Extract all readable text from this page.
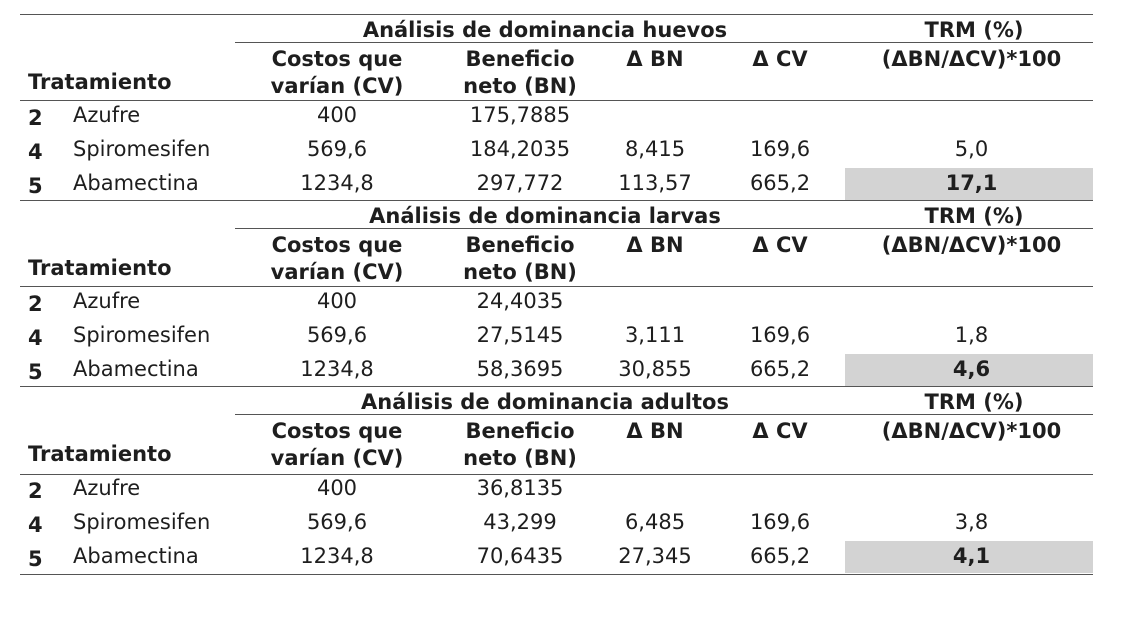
Análisis de dominancia huevos	TRM (%)
Tratamiento
Costos que
varían (CV)
Beneficio
neto (BN)
Δ BN	Δ CV	(ΔBN/ΔCV)*100
2 Azufre	400	175,7885
4 Spiromesifen	569,6	184,2035	8,415	169,6	5,0
5 Abamectina	1234,8	297,772	113,57	665,2	17,1
Análisis de dominancia larvas	TRM (%)
Tratamiento
Costos que
varían (CV)
Beneficio
neto (BN)
Δ BN	Δ CV	(ΔBN/ΔCV)*100
2 Azufre	400	24,4035
4 Spiromesifen	569,6	27,5145	3,111	169,6	1,8
5 Abamectina	1234,8	58,3695	30,855	665,2	4,6
Análisis de dominancia adultos	TRM (%)
Tratamiento
Costos que
varían (CV)
Beneficio
neto (BN)
Δ BN	Δ CV	(ΔBN/ΔCV)*100
2 Azufre	400	36,8135
4 Spiromesifen	569,6	43,299	6,485	169,6	3,8
5 Abamectina	1234,8	70,6435	27,345	665,2	4,1
